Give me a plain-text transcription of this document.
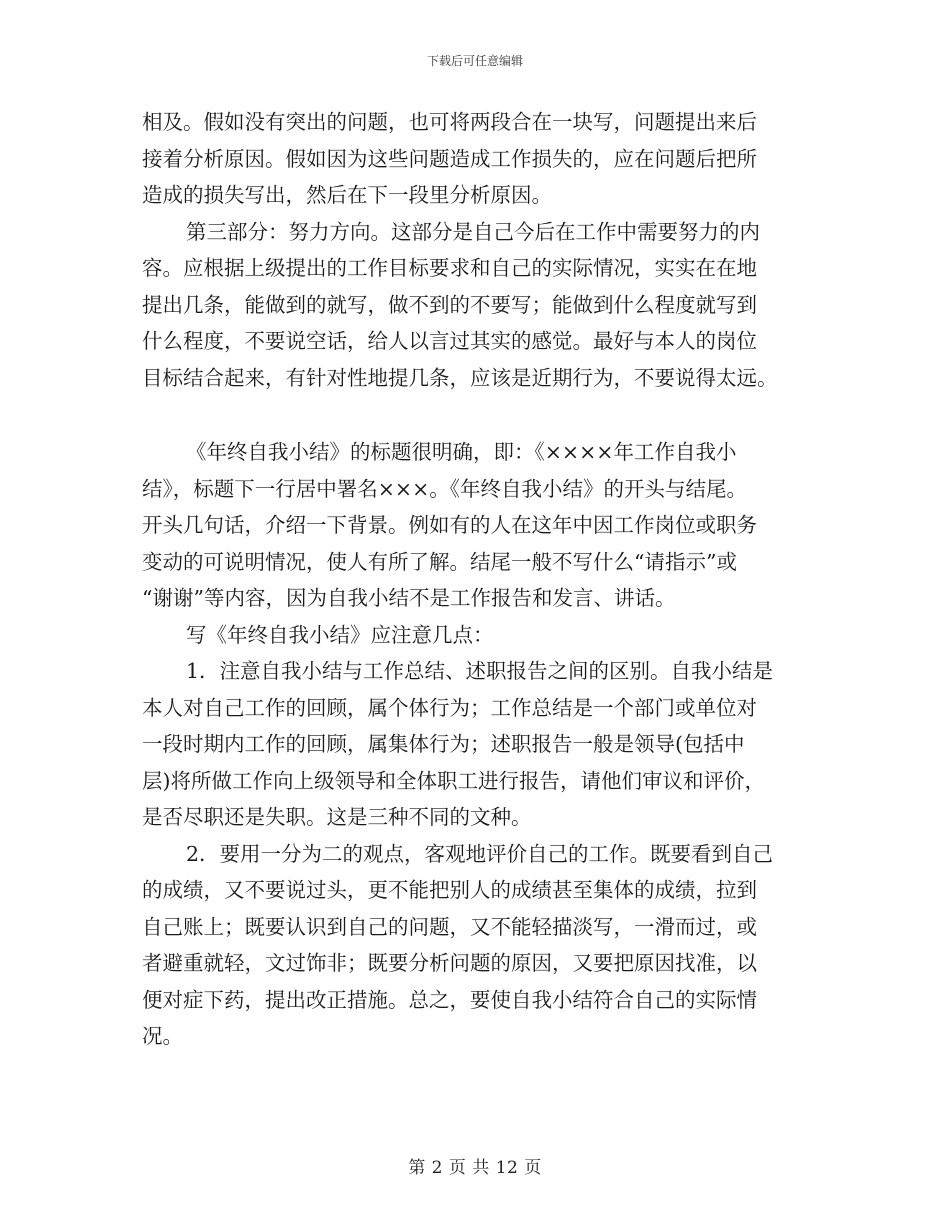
下载后可任意编辑
相及。假如没有突出的问题，也可将两段合在一块写，问题提出来后
接着分析原因。假如因为这些问题造成工作损失的，应在问题后把所
造成的损失写出，然后在下一段里分析原因。
第三部分：努力方向。这部分是自己今后在工作中需要努力的内
容。应根据上级提出的工作目标要求和自己的实际情况，实实在在地
提出几条，能做到的就写，做不到的不要写；能做到什么程度就写到
什么程度，不要说空话，给人以言过其实的感觉。最好与本人的岗位
目标结合起来，有针对性地提几条，应该是近期行为，不要说得太远。
《年终自我小结》的标题很明确，即：《××××年工作自我小
结》，标题下一行居中署名×××。《年终自我小结》的开头与结尾。
开头几句话，介绍一下背景。例如有的人在这年中因工作岗位或职务
变动的可说明情况，使人有所了解。结尾一般不写什么“请指示”或
“谢谢”等内容，因为自我小结不是工作报告和发言、讲话。
写《年终自我小结》应注意几点：
1．注意自我小结与工作总结、述职报告之间的区别。自我小结是
本人对自己工作的回顾，属个体行为；工作总结是一个部门或单位对
一段时期内工作的回顾，属集体行为；述职报告一般是领导(包括中
层)将所做工作向上级领导和全体职工进行报告，请他们审议和评价，
是否尽职还是失职。这是三种不同的文种。
2．要用一分为二的观点，客观地评价自己的工作。既要看到自己
的成绩，又不要说过头，更不能把别人的成绩甚至集体的成绩，拉到
自己账上；既要认识到自己的问题，又不能轻描淡写，一滑而过，或
者避重就轻，文过饰非；既要分析问题的原因，又要把原因找准，以
便对症下药，提出改正措施。总之，要使自我小结符合自己的实际情
况。
第 2 页 共 12 页
